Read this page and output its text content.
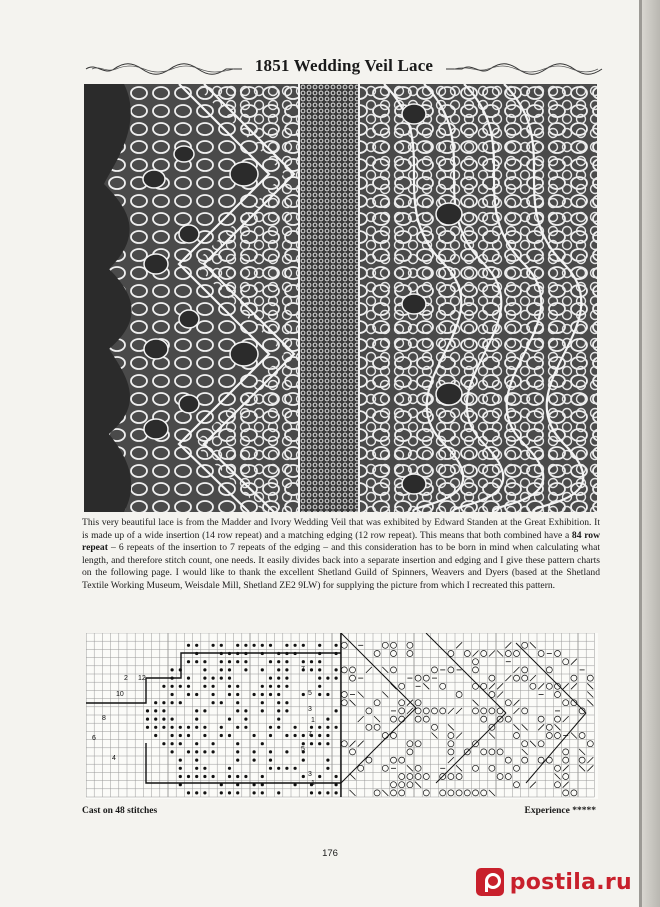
1851 Wedding Veil Lace
This very beautiful lace is from the Madder and Ivory Wedding Veil that was exhibited by Edward Standen at the Great Exhibition. It is made up of a wide insertion (14 row repeat) and a matching edging (12 row repeat). This means that both combined have a 84 row repeat – 6 repeats of the insertion to 7 repeats of the edging – and this consideration has to be born in mind when calculating what length, and therefore stitch count, one needs. It easily divides back into a separate insertion and edging and I give these pattern charts on the following page. I would like to thank the excellent Shetland Guild of Spinners, Weavers and Dyers (based at the Shetland Textile Working Museum, Weisdale Mill, Shetland ZE2 9LW) for supplying the picture from which I recreated this pattern.
12
10
8
6
4
2
7
5
3
1
1
3
5
7
Cast on 48 stitches	Experience *****
176
postila.ru
